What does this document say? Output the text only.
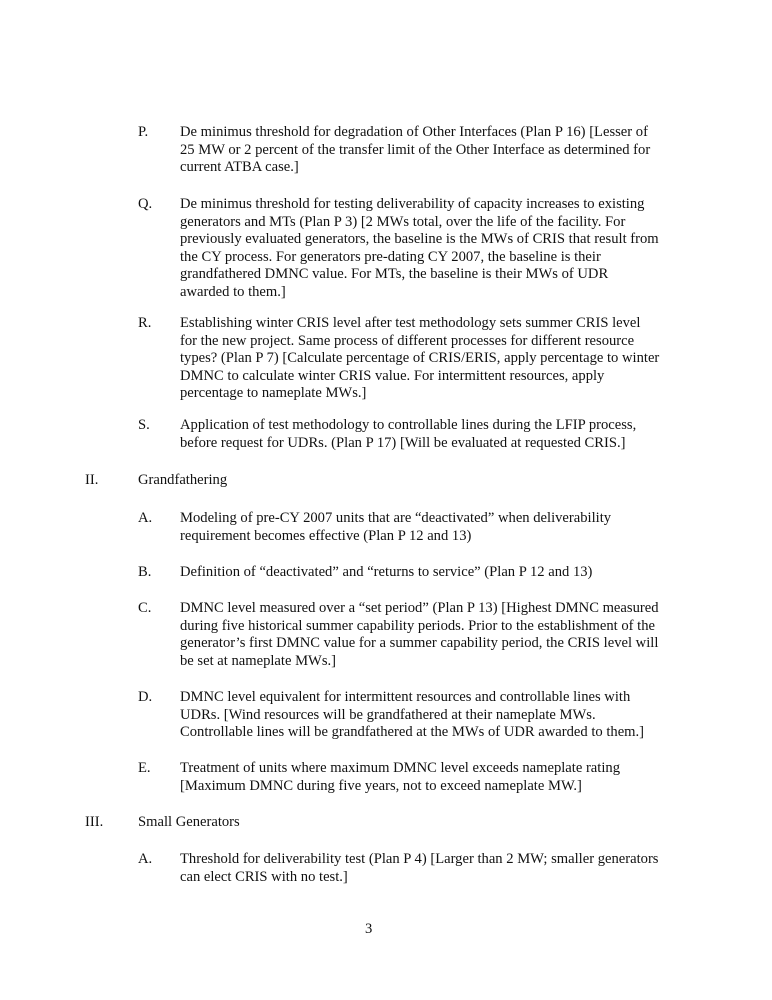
P. De minimus threshold for degradation of Other Interfaces (Plan P 16) [Lesser of 25 MW or 2 percent of the transfer limit of the Other Interface as determined for current ATBA case.]
Q. De minimus threshold for testing deliverability of capacity increases to existing generators and MTs (Plan P 3) [2 MWs total, over the life of the facility. For previously evaluated generators, the baseline is the MWs of CRIS that result from the CY process. For generators pre-dating CY 2007, the baseline is their grandfathered DMNC value. For MTs, the baseline is their MWs of UDR awarded to them.]
R. Establishing winter CRIS level after test methodology sets summer CRIS level for the new project. Same process of different processes for different resource types? (Plan P 7) [Calculate percentage of CRIS/ERIS, apply percentage to winter DMNC to calculate winter CRIS value. For intermittent resources, apply percentage to nameplate MWs.]
S. Application of test methodology to controllable lines during the LFIP process, before request for UDRs. (Plan P 17) [Will be evaluated at requested CRIS.]
II.	Grandfathering
A. Modeling of pre-CY 2007 units that are “deactivated” when deliverability requirement becomes effective (Plan P 12 and 13)
B. Definition of “deactivated” and “returns to service” (Plan P 12 and 13)
C. DMNC level measured over a “set period” (Plan P 13) [Highest DMNC measured during five historical summer capability periods. Prior to the establishment of the generator’s first DMNC value for a summer capability period, the CRIS level will be set at nameplate MWs.]
D. DMNC level equivalent for intermittent resources and controllable lines with UDRs. [Wind resources will be grandfathered at their nameplate MWs. Controllable lines will be grandfathered at the MWs of UDR awarded to them.]
E. Treatment of units where maximum DMNC level exceeds nameplate rating [Maximum DMNC during five years, not to exceed nameplate MW.]
III. Small Generators
A. Threshold for deliverability test (Plan P 4) [Larger than 2 MW; smaller generators can elect CRIS with no test.]
3
